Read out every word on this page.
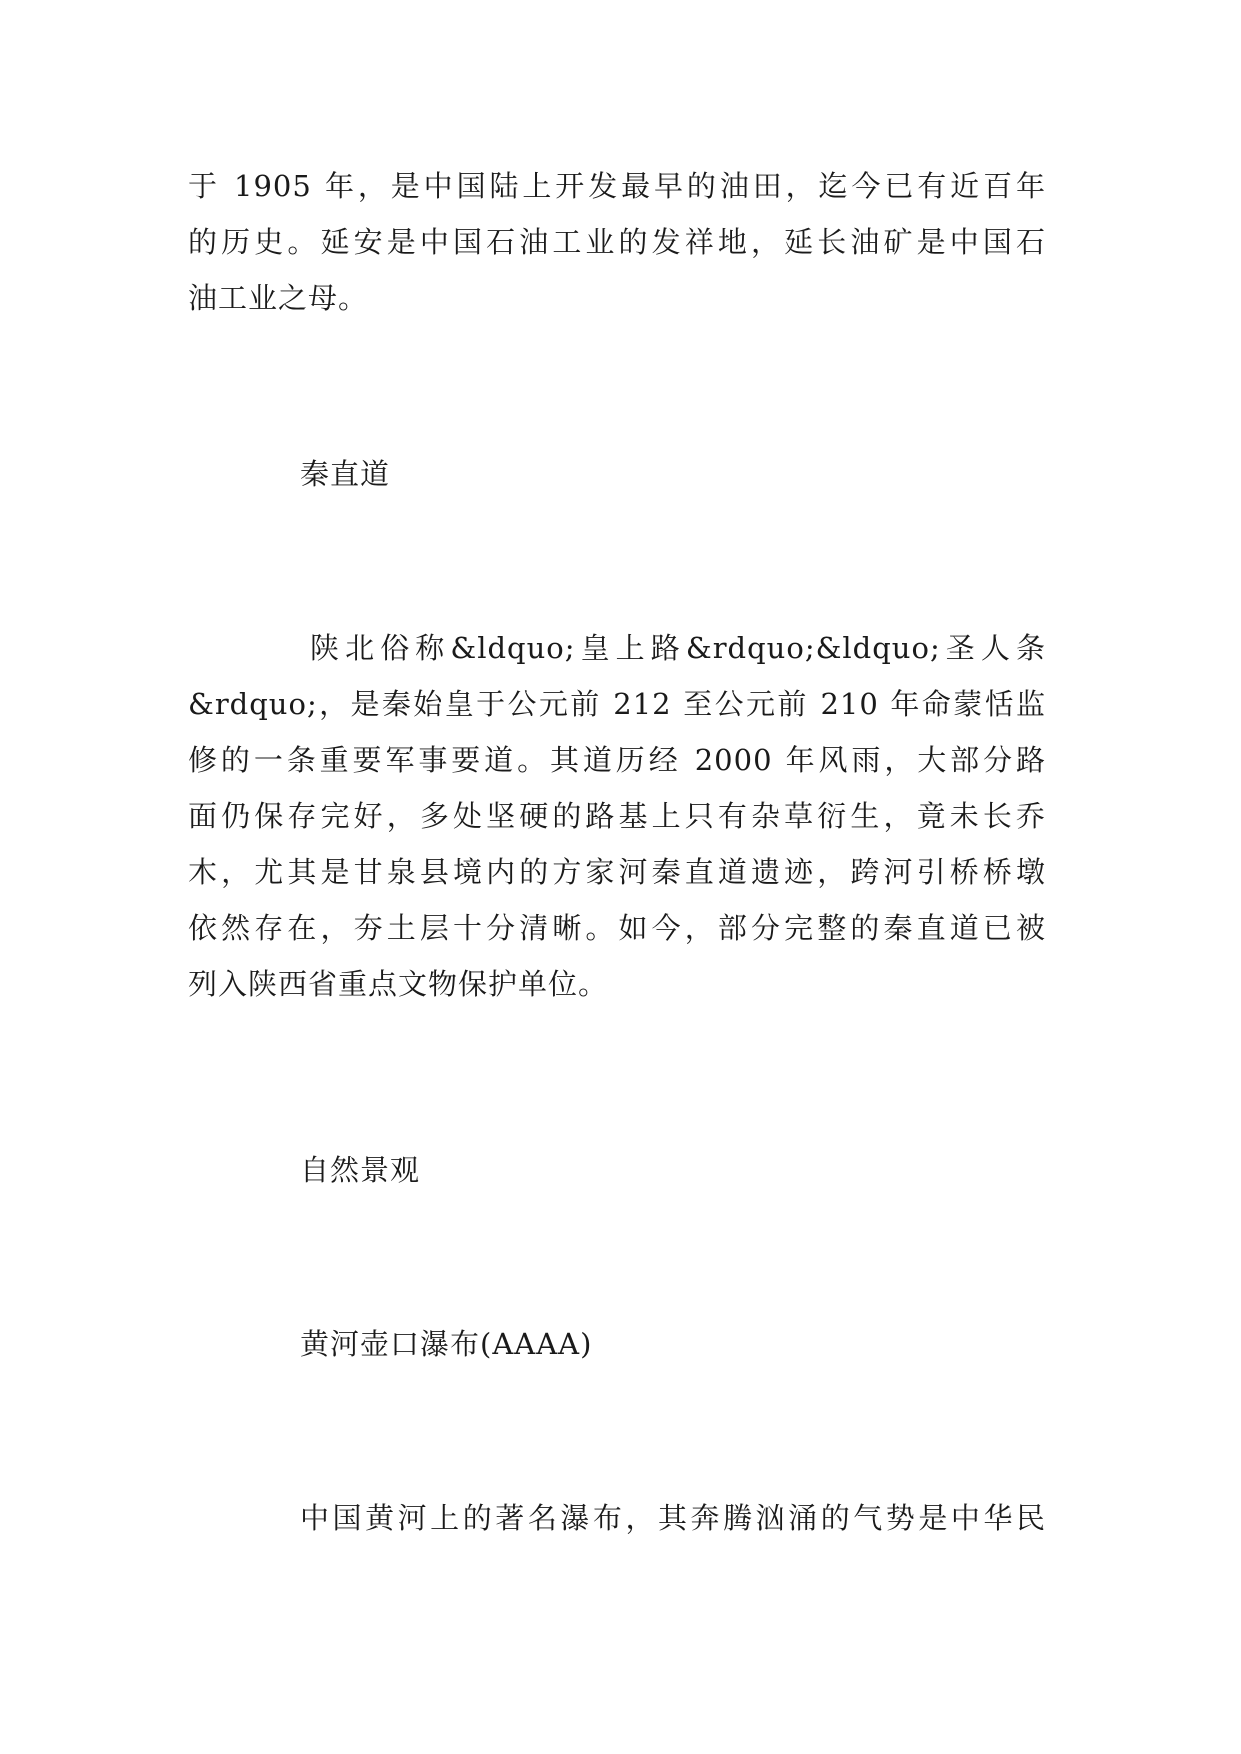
于 1905 年，是中国陆上开发最早的油田，迄今已有近百年
的历史。延安是中国石油工业的发祥地，延长油矿是中国石
油工业之母。
秦直道
陕北俗称&ldquo;皇上路&rdquo;&ldquo;圣人条
&rdquo;，是秦始皇于公元前 212 至公元前 210 年命蒙恬监
修的一条重要军事要道。其道历经 2000 年风雨，大部分路
面仍保存完好，多处坚硬的路基上只有杂草衍生，竟未长乔
木，尤其是甘泉县境内的方家河秦直道遗迹，跨河引桥桥墩
依然存在，夯土层十分清晰。如今，部分完整的秦直道已被
列入陕西省重点文物保护单位。
自然景观
黄河壶口瀑布(AAAA)
中国黄河上的著名瀑布，其奔腾汹涌的气势是中华民
